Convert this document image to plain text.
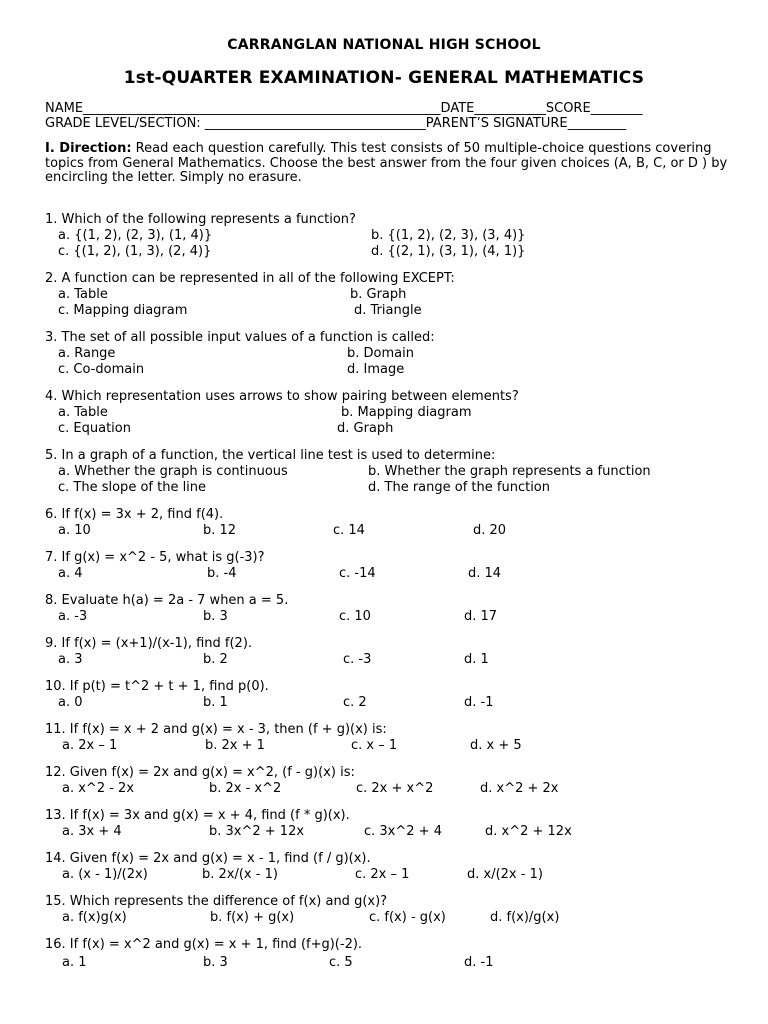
CARRANGLAN NATIONAL HIGH SCHOOL
1st-QUARTER EXAMINATION- GENERAL MATHEMATICS
NAME_______________________________________________________DATE___________SCORE________
GRADE LEVEL/SECTION: __________________________________PARENT’S SIGNATURE_________
I. Direction: Read each question carefully. This test consists of 50 multiple-choice questions covering topics from General Mathematics. Choose the best answer from the four given choices (A, B, C, or D ) by encircling the letter. Simply no erasure.
1. Which of the following represents a function?
a. {(1, 2), (2, 3), (1, 4)}	b. {(1, 2), (2, 3), (3, 4)}
c. {(1, 2), (1, 3), (2, 4)}	d. {(2, 1), (3, 1), (4, 1)}
2. A function can be represented in all of the following EXCEPT:
a. Table	b. Graph
c. Mapping diagram	d. Triangle
3. The set of all possible input values of a function is called:
a. Range	b. Domain
c. Co-domain	d. Image
4. Which representation uses arrows to show pairing between elements?
a. Table	b. Mapping diagram
c. Equation	d. Graph
5. In a graph of a function, the vertical line test is used to determine:
a. Whether the graph is continuous	b. Whether the graph represents a function
c. The slope of the line	d. The range of the function
6. If f(x) = 3x + 2, find f(4).
a. 10	b. 12	c. 14	d. 20
7. If g(x) = x^2 - 5, what is g(-3)?
a. 4	b. -4	c. -14	d. 14
8. Evaluate h(a) = 2a - 7 when a = 5.
a. -3	b. 3	c. 10	d. 17
9. If f(x) = (x+1)/(x-1), find f(2).
a. 3	b. 2	c. -3	d. 1
10. If p(t) = t^2 + t + 1, find p(0).
a. 0	b. 1	c. 2	d. -1
11. If f(x) = x + 2 and g(x) = x - 3, then (f + g)(x) is:
a. 2x – 1	b. 2x + 1	c. x – 1	d. x + 5
12. Given f(x) = 2x and g(x) = x^2, (f - g)(x) is:
a. x^2 - 2x	b. 2x - x^2	c. 2x + x^2	d. x^2 + 2x
13. If f(x) = 3x and g(x) = x + 4, find (f * g)(x).
a. 3x + 4	b. 3x^2 + 12x	c. 3x^2 + 4	d. x^2 + 12x
14. Given f(x) = 2x and g(x) = x - 1, find (f / g)(x).
a. (x - 1)/(2x)	b. 2x/(x - 1)	c. 2x – 1	d. x/(2x - 1)
15. Which represents the difference of f(x) and g(x)?
a. f(x)g(x)	b. f(x) + g(x)	c. f(x) - g(x)	d. f(x)/g(x)
16. If f(x) = x^2 and g(x) = x + 1, find (f+g)(-2).
a. 1	b. 3	c. 5	d. -1
